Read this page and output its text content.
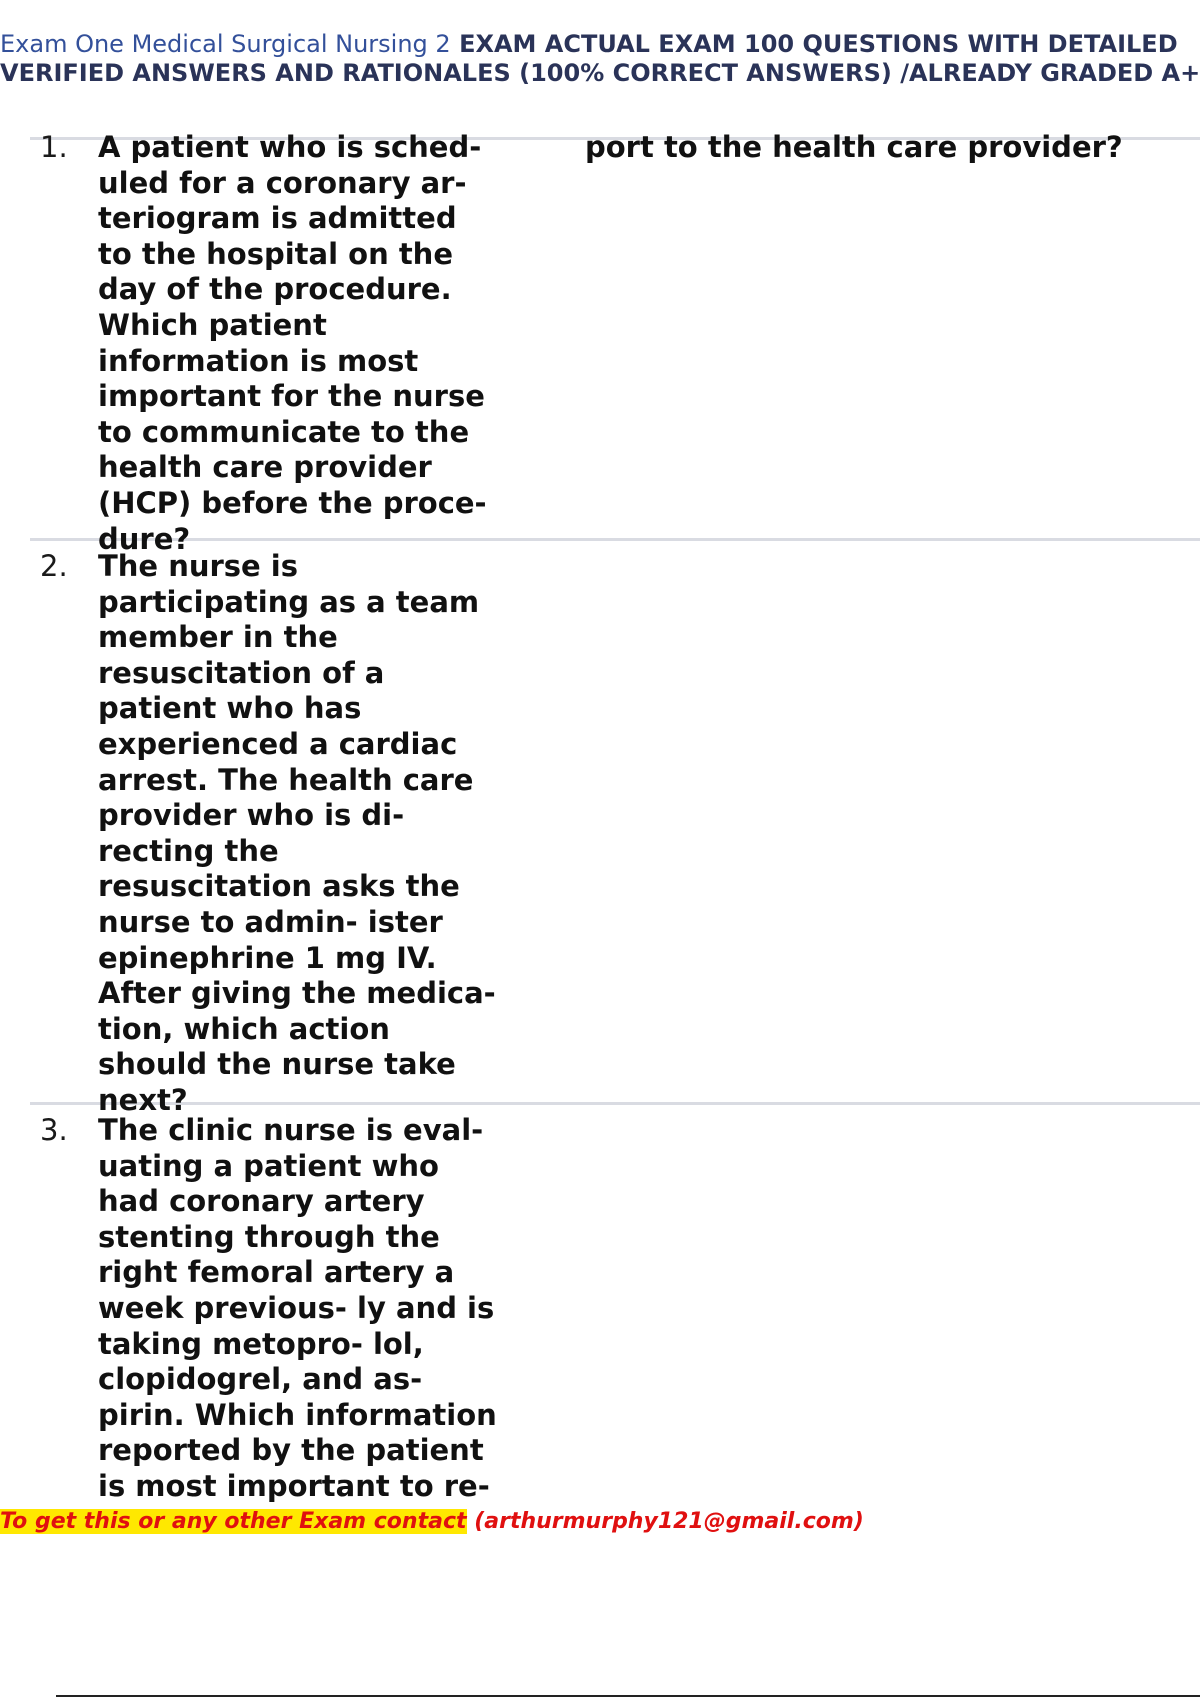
Exam One Medical Surgical Nursing 2 EXAM ACTUAL EXAM 100 QUESTIONS WITH DETAILED
VERIFIED ANSWERS AND RATIONALES (100% CORRECT ANSWERS) /ALREADY GRADED A+
1. A patient who is sched- uled for a coronary ar- teriogram is admitted to the hospital on the day of the procedure. Which patient information is most important for the nurse to communicate to the health care provider (HCP) before the proce- dure?
2. The nurse is participating as a team member in the resuscitation of a patient who has experienced a cardiac arrest. The health care provider who is di- recting the resuscitation asks the nurse to admin- ister epinephrine 1 mg IV. After giving the medica- tion, which action should the nurse take next?
3. The clinic nurse is eval- uating a patient who had coronary artery stenting through the right femoral artery a week previous- ly and is taking metopro- lol, clopidogrel, and as- pirin. Which information reported by the patient is most important to re-
port to the health care provider?
To get this or any other Exam contact (arthurmurphy121@gmail.com)
